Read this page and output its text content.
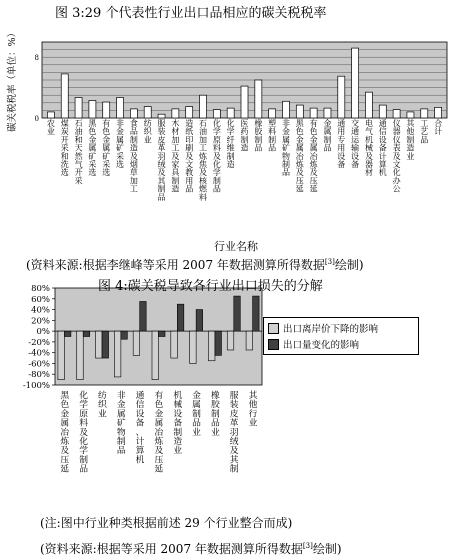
图 3:29 个代表性行业出口品相应的碳关税税率
8
0
碳关税税率（单位：%）	农业
煤炭开采和洗选
石油和天然气开采
黑色金属矿采选
有色金属矿采选
非金属矿采选
食品制造及烟草加工
纺织业
服装皮革羽绒及其制品
木材加工及家具制造
造纸印刷及文教用品
石油加工炼焦及核燃料
化学原料及化学制品
化学纤维制造
医药制造
橡胶制品
塑料制品
非金属矿物制品
黑色金属冶炼及压延
有色金属冶炼及压延
金属制品
通用专用设备
交通运输设备
电气机械及器材
通信设备计算机
仪器仪表及文化办公
其他制造业
工艺品
合计
80%
60%
40%
20%
0%
-20%
-40%
-60%
-80%
-100%
黑色金属冶炼及压延
化学原料及化学制品
纺织业
非金属矿物制品
通信设备、计算机
有色金属冶炼及压延
机械设备制造业
金属制品业
橡胶制品业
服装皮革羽绒及其制
其他行业
行业名称
(资料来源:根据李继峰等采用 2007 年数据测算所得数据[3]绘制)
图 4:碳关税导致各行业出口损失的分解
出口离岸价下降的影响
出口量变化的影响
(注:图中行业种类根据前述 29 个行业整合而成)
(资料来源:根据等采用 2007 年数据测算所得数据[3]绘制)
